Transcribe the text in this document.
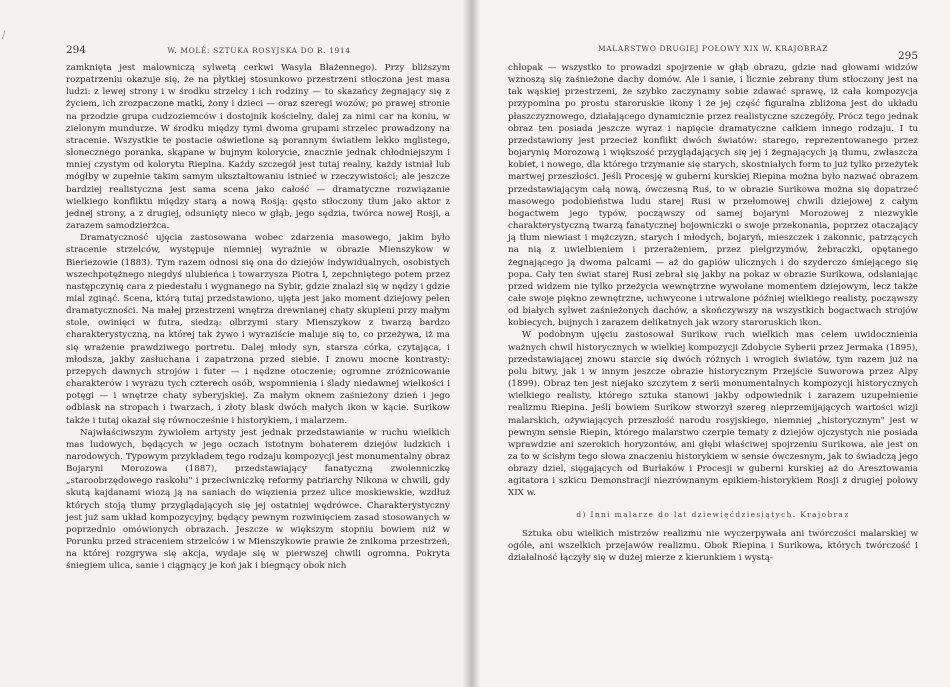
/
294	W. MOLÈ: SZTUKA ROSYJSKA DO R. 1914

zamknięta jest malowniczą sylwetą cerkwi Wasyla Błażennego). Przy bliższym rozpatrzeniu okazuje się, że na płytkiej stosunkowo przestrzeni stłoczona jest masa ludzi: z lewej strony i w środku strzelcy i ich rodziny — to skazańcy żegnający się z życiem, ich zrozpaczone matki, żony i dzieci — oraz szeregi wozów; po prawej stronie na przodzie grupa cudzoziemców i dostojnik kościelny, dalej za nimi car na koniu, w zielonym mundurze. W środku między tymi dwoma grupami strzelec prowadzony na stracenie. Wszystkie te postacie oświetlone są porannym światłem lekko mglistego, słonecznego poranka, skąpane w bujnym kolorycie, znacznie jednak chłodniejszym i mniej czystym od kolorytu Riepina. Każdy szczegół jest tutaj realny, każdy istniał lub mógłby w zupełnie takim samym ukształtowaniu istnieć w rzeczywistości; ale jeszcze bardziej realistyczna jest sama scena jako całość — dramatyczne rozwiązanie wielkiego konfliktu między starą a nową Rosją: gęsto stłoczony tłum jako aktor z jednej strony, a z drugiej, odsunięty nieco w głąb, jego sędzia, twórca nowej Rosji, a zarazem samodzierżca.

Dramatyczność ujęcia zastosowana wobec zdarzenia masowego, jakim było stracenie strzelców, występuje niemniej wyraźnie w obrazie Mienszykow w Bieriezowie (1883). Tym razem odnosi się ona do dziejów indywidualnych, osobistych wszechpotężnego niegdyś ulubieńca i towarzysza Piotra I, zepchniętego potem przez następczynię cara z piedestału i wygnanego na Sybir, gdzie znalazł się w nędzy i gdzie mial zginąć. Scena, którą tutaj przedstawiono, ujęta jest jako moment dziejowy pelen dramatyczności. Na małej przestrzeni wnętrza drewnianej chaty skupieni przy małym stole, owinięci w futra, siedzą: olbrzymi stary Mienszykow z twarzą bardzo charakterystyczną, na której tak żywo i wyraziście maluje się to, co przeżywa, iż ma się wrażenie prawdziwego portretu. Dalej młody syn, starsza córka, czytająca, i młodsza, jakby zasłuchana i zapatrzona przed siebie. I znowu mocne kontrasty: przepych dawnych strojów i futer — i nędzne otoczenie; ogromne zróżnicowanie charakterów i wyrazu tych czterech osób, wspomnienia i ślady niedawnej wielkości i potęgi — i wnętrze chaty syberyjskiej. Za małym oknem zaśnieżony dzień i jego odblask na stropach i twarzach, i złoty blask dwóch małych ikon w kącie. Surikow także i tutaj okazał się równocześnie i historykiem, i malarzem.

Najwłaściwszym żywiołem artysty jest jednak przedstawianie w ruchu wielkich mas ludowych, będących w jego oczach istotnym bohaterem dziejów ludzkich i narodowych. Typowym przykładem tego rodzaju kompozycji jest monumentalny obraz Bojaryni Morozowa (1887), przedstawiający fanatyczną zwolenniczkę „staroobrzędowego raskołu" i przeciwniczkę reformy patriarchy Nikona w chwili, gdy skutą kajdanami wiozą ją na saniach do więzienia przez ulice moskiewskie, wzdłuż których stoją tłumy przyglądających się jej ostatniej wędrówce. Charakterystyczny jest już sam układ kompozycyjny, będący pewnym rozwinięciem zasad stosowanych w poprzednio omówionych obrazach. Jeszcze w większym stopniu bowiem niż w Porunku przed straceniem strzelców i w Mienszykowie prawie że znikoma przestrzeń, na której rozgrywa się akcja, wydaje się w pierwszej chwili ogromna. Pokryta śniegiem ulica, sanie i ciągnący je koń jak i biegnący obok nich

MALARSTWO DRUGIEJ POŁOWY XIX W. KRAJOBRAZ
295

chłopak — wszystko to prowadzi spojrzenie w głąb obrazu, gdzie nad głowami widzów wznoszą się zaśnieżone dachy domów. Ale i sanie, i licznie zebrany tłum stłoczony jest na tak wąskiej przestrzeni, że szybko zaczynamy sobie zdawać sprawę, iż cała kompozycja przypomina po prostu staroruskie ikony i że jej część figuralna zbliżona jest do układu płaszczyznowego, działającego dynamicznie przez realistyczne szczegóły. Prócz tego jednak obraz ten posiada jeszcze wyraz i napięcie dramatyczne całkiem innego rodzaju. I tu przedstawiony jest przecież konflikt dwóch światów: starego, reprezentowanego przez bojarynię Morozową i większość przyglądających się jej i żegnających ją tłumu, zwłaszcza kobiet, i nowego, dla którego trzymanie się starych, skostniałych form to już tylko przeżytek martwej przeszłości. Jeśli Procesję w guberni kurskiej Riepina można było nazwać obrazem przedstawiającym całą nową, ówczesną Ruś, to w obrazie Surikowa można się dopatrzeć masowego podobieństwa ludu starej Rusi w przełomowej chwili dziejowej z całym bogactwem jego typów, począwszy od samej bojaryni Morozowej z niezwykle charakterystyczną twarzą fanatycznej bojowniczki o swoje przekonania, poprzez otaczający ją tłum niewiast i mężczyzn, starych i młodych, bojaryń, mieszczek i zakonnic, patrzących na nią z uwielbieniem i przerażeniem, przez pielgrzymów, żebraczki, opętanego żegnającego ją dwoma palcami — aż do gapiów ulicznych i do szyderczo śmiejącego się popa. Cały ten świat starej Rusi zebrał się jakby na pokaz w obrazie Surikowa, odsłaniając przed widzem nie tylko przeżycia wewnętrzne wywołane momentem dziejowym, lecz także całe swoje piękno zewnętrzne, uchwycone i utrwalone później wielkiego realisty, począwszy od białych sylwet zaśnieżonych dachów, a skończywszy na wszystkich bogactwach strojów kobiecych, bujnych i zarazem delikatnych jak wzory staroruskich ikon.

W podobnym ujęciu zastosował Surikow ruch wielkich mas celem uwidocznienia ważnych chwil historycznych w wielkiej kompozycji Zdobycie Syberii przez Jermaka (1895), przedstawiającej znowu starcie się dwóch różnych i wrogich światów, tym razem już na polu bitwy, jak i w innym jeszcze obrazie historycznym Przejście Suworowa przez Alpy (1899). Obraz ten jest niejako szczytem z serii monumentalnych kompozycji historycznych wielkiego realisty, którego sztuka stanowi jakby odpowiednik i zarazem uzupełnienie realizmu Riepina. Jeśli bowiem Surikow stworzył szereg nieprzemijających wartości wizji malarskich, ożywiających przeszłość narodu rosyjskiego, niemniej „historycznym" jest w pewnym sensie Riepin, którego malarstwo czerpie tematy z dziejów ojczystych nie posiada wprawdzie ani szerokich horyzontów, ani głębi właściwej spojrzeniu Surikowa, ale jest on za to w ścisłym tego słowa znaczeniu historykiem w sensie ówczesnym, jak to świadczą jego obrazy dziel, sięgających od Burłaków i Procesji w guberni kurskiej aż do Aresztowania agitatora i szkicu Demonstracji niezrównanym epikiem-historykiem Rosji z drugiej połowy XIX w.

d) Inni malarze do lat dziewięćdziesiątych. Krajobraz

Sztuka obu wielkich mistrzów realizmu nie wyczerpywała ani twórczości malarskiej w ogóle, ani wszelkich przejawów realizmu. Obok Riepina i Surikowa, których twórczość i działalność łączyły się w dużej mierze z kierunkiem i wystą-
